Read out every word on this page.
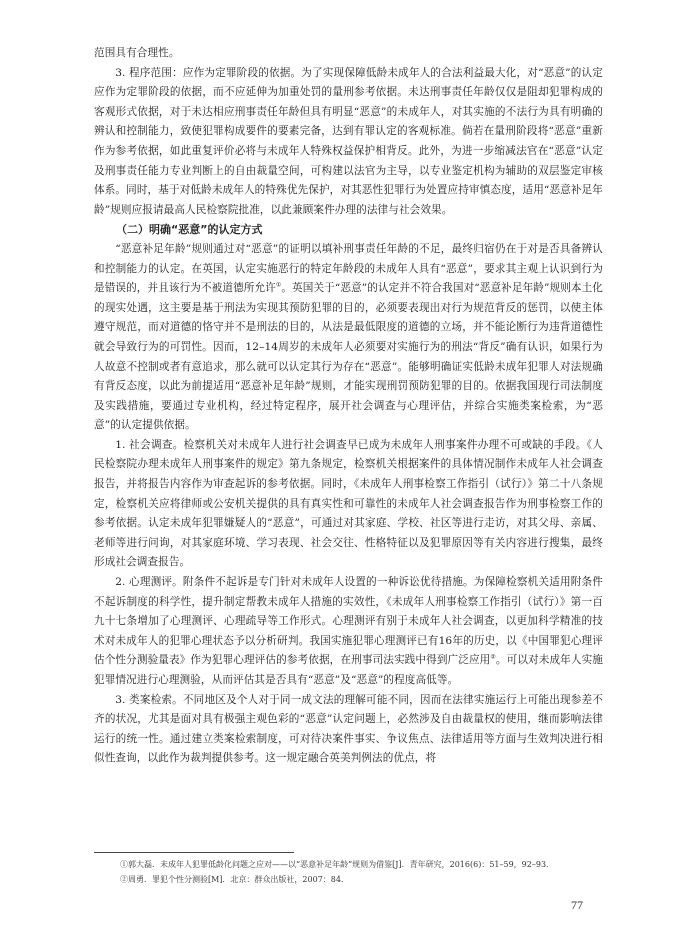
范围具有合理性。

3. 程序范围：应作为定罪阶段的依据。为了实现保障低龄未成年人的合法利益最大化，对“恶意”的认定应作为定罪阶段的依据，而不应延伸为加重处罚的量刑参考依据。未达刑事责任年龄仅仅是阻却犯罪构成的客观形式依据，对于未达相应刑事责任年龄但具有明显“恶意”的未成年人，对其实施的不法行为具有明确的辨认和控制能力，致使犯罪构成要件的要素完备，达到有罪认定的客观标准。倘若在量刑阶段将“恶意”重新作为参考依据，如此重复评价必将与未成年人特殊权益保护相背反。此外，为进一步缩减法官在“恶意”认定及刑事责任能力专业判断上的自由裁量空间，可构建以法官为主导，以专业鉴定机构为辅助的双层鉴定审核体系。同时，基于对低龄未成年人的特殊优先保护，对其恶性犯罪行为处置应持审慎态度，适用“恶意补足年龄”规则应报请最高人民检察院批准，以此兼顾案件办理的法律与社会效果。

（二）明确“恶意”的认定方式

“恶意补足年龄”规则通过对“恶意”的证明以填补刑事责任年龄的不足，最终归宿仍在于对是否具备辨认和控制能力的认定。在英国，认定实施恶行的特定年龄段的未成年人具有“恶意”，要求其主观上认识到行为是错误的，并且该行为不被道德所允许①。英国关于“恶意”的认定并不符合我国对“恶意补足年龄”规则本土化的现实处遇，这主要是基于刑法为实现其预防犯罪的目的，必须要表现出对行为规范背反的惩罚，以使主体遵守规范，而对道德的恪守并不是刑法的目的，从法是最低限度的道德的立场，并不能论断行为违背道德性就会导致行为的可罚性。因而，12–14周岁的未成年人必须要对实施行为的刑法“背反”确有认识，如果行为人故意不控制或者有意追求，那么就可以认定其行为存在“恶意”。能够明确证实低龄未成年犯罪人对法规确有背反态度，以此为前提适用“恶意补足年龄”规则，才能实现刑罚预防犯罪的目的。依据我国现行司法制度及实践措施，要通过专业机构，经过特定程序，展开社会调查与心理评估，并综合实施类案检索，为“恶意”的认定提供依据。

1. 社会调查。检察机关对未成年人进行社会调查早已成为未成年人刑事案件办理不可或缺的手段。《人民检察院办理未成年人刑事案件的规定》第九条规定，检察机关根据案件的具体情况制作未成年人社会调查报告，并将报告内容作为审查起诉的参考依据。同时，《未成年人刑事检察工作指引（试行）》第二十八条规定，检察机关应将律师或公安机关提供的具有真实性和可靠性的未成年人社会调查报告作为刑事检察工作的参考依据。认定未成年犯罪嫌疑人的“恶意”，可通过对其家庭、学校、社区等进行走访，对其父母、亲属、老师等进行问询，对其家庭环境、学习表现、社会交往、性格特征以及犯罪原因等有关内容进行搜集，最终形成社会调查报告。

2. 心理测评。附条件不起诉是专门针对未成年人设置的一种诉讼优待措施。为保障检察机关适用附条件不起诉制度的科学性，提升制定帮教未成年人措施的实效性，《未成年人刑事检察工作指引（试行）》第一百九十七条增加了心理测评、心理疏导等工作形式。心理测评有别于未成年人社会调查，以更加科学精准的技术对未成年人的犯罪心理状态予以分析研判。我国实施犯罪心理测评已有16年的历史，以《中国罪犯心理评估个性分测验量表》作为犯罪心理评估的参考依据，在刑事司法实践中得到广泛应用②。可以对未成年人实施犯罪情况进行心理测验，从而评估其是否具有“恶意”及“恶意”的程度高低等。

3. 类案检索。不同地区及个人对于同一成文法的理解可能不同，因而在法律实施运行上可能出现参差不齐的状况，尤其是面对具有极强主观色彩的“恶意”认定问题上，必然涉及自由裁量权的使用，继而影响法律运行的统一性。通过建立类案检索制度，可对待决案件事实、争议焦点、法律适用等方面与生效判决进行相似性查询，以此作为裁判提供参考。这一规定融合英美判例法的优点，将

①郭大磊．未成年人犯罪低龄化问题之应对——以“恶意补足年龄”规则为借鉴[J]．青年研究，2016(6)：51–59，92–93．

②周勇．罪犯个性分测验[M]．北京：群众出版社，2007：84．

77
